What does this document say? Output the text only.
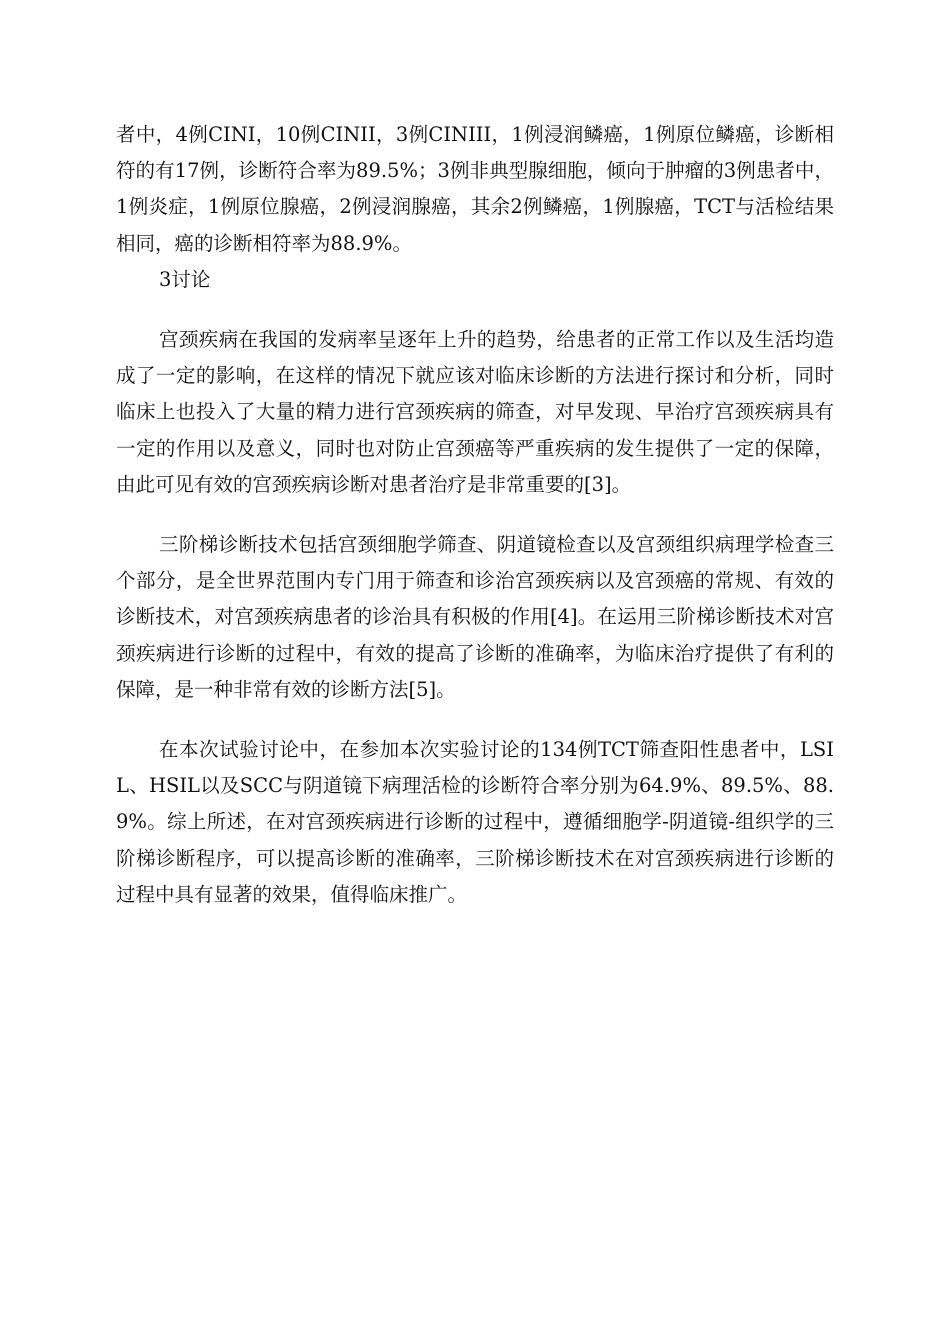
者中，4例CINI，10例CINII，3例CINIII，1例浸润鳞癌，1例原位鳞癌，诊断相符的有17例，诊断符合率为89.5%；3例非典型腺细胞，倾向于肿瘤的3例患者中，1例炎症，1例原位腺癌，2例浸润腺癌，其余2例鳞癌，1例腺癌，TCT与活检结果相同，癌的诊断相符率为88.9%。

3讨论

宫颈疾病在我国的发病率呈逐年上升的趋势，给患者的正常工作以及生活均造成了一定的影响，在这样的情况下就应该对临床诊断的方法进行探讨和分析，同时临床上也投入了大量的精力进行宫颈疾病的筛查，对早发现、早治疗宫颈疾病具有一定的作用以及意义，同时也对防止宫颈癌等严重疾病的发生提供了一定的保障，由此可见有效的宫颈疾病诊断对患者治疗是非常重要的[3]。

三阶梯诊断技术包括宫颈细胞学筛查、阴道镜检查以及宫颈组织病理学检查三个部分，是全世界范围内专门用于筛查和诊治宫颈疾病以及宫颈癌的常规、有效的诊断技术，对宫颈疾病患者的诊治具有积极的作用[4]。在运用三阶梯诊断技术对宫颈疾病进行诊断的过程中，有效的提高了诊断的准确率，为临床治疗提供了有利的保障，是一种非常有效的诊断方法[5]。

在本次试验讨论中，在参加本次实验讨论的134例TCT筛查阳性患者中，LSIL、HSIL以及SCC与阴道镜下病理活检的诊断符合率分别为64.9%、89.5%、88.9%。综上所述，在对宫颈疾病进行诊断的过程中，遵循细胞学-阴道镜-组织学的三阶梯诊断程序，可以提高诊断的准确率，三阶梯诊断技术在对宫颈疾病进行诊断的过程中具有显著的效果，值得临床推广。
